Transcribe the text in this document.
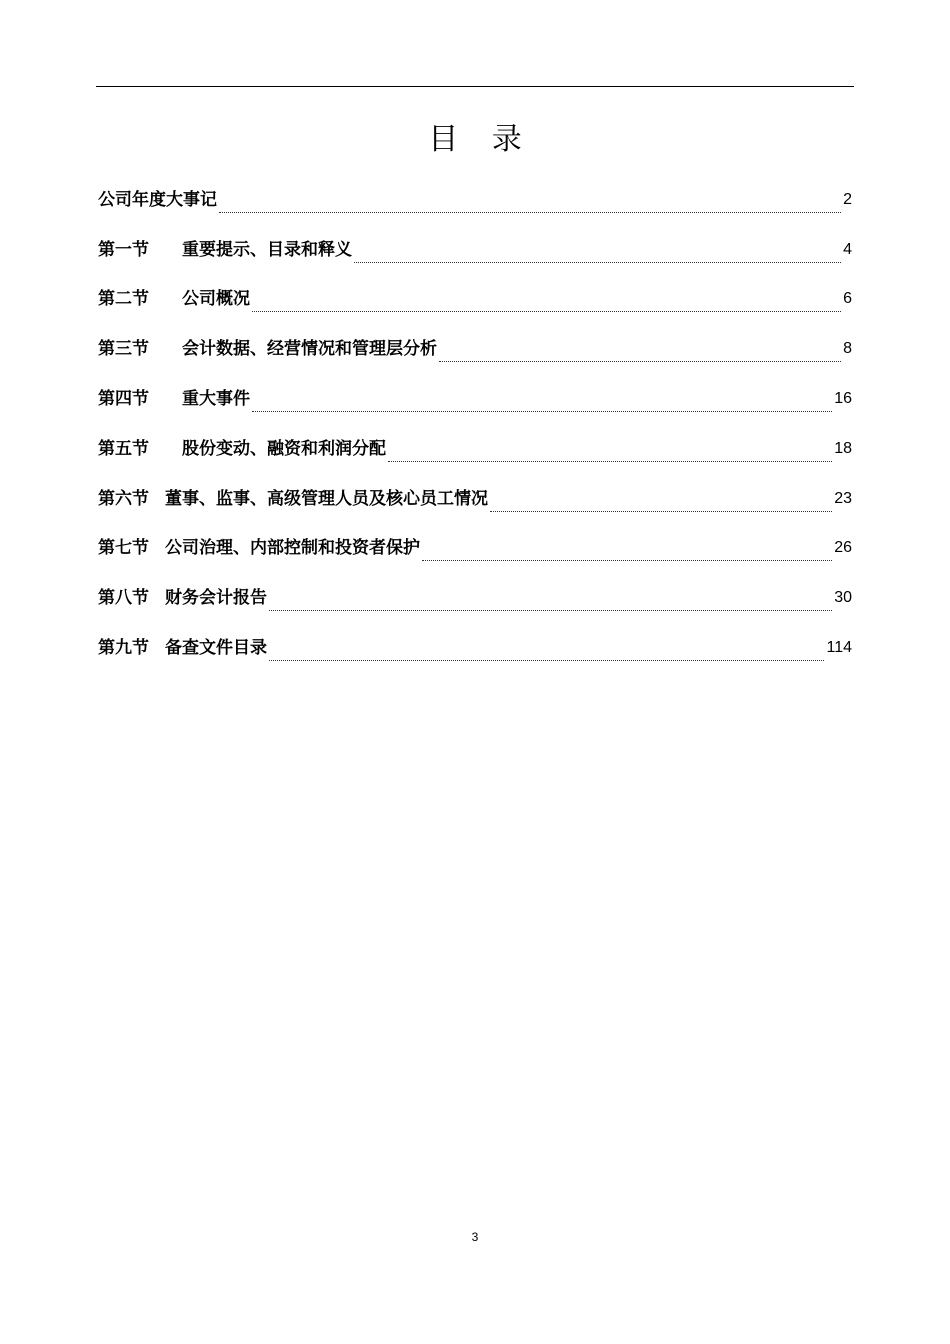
目 录
公司年度大事记	2
第一节	重要提示、目录和释义	4
第二节	公司概况	6
第三节	会计数据、经营情况和管理层分析	8
第四节	重大事件	16
第五节	股份变动、融资和利润分配	18
第六节 董事、监事、高级管理人员及核心员工情况	23
第七节 公司治理、内部控制和投资者保护	26
第八节 财务会计报告	30
第九节 备查文件目录	114
3
